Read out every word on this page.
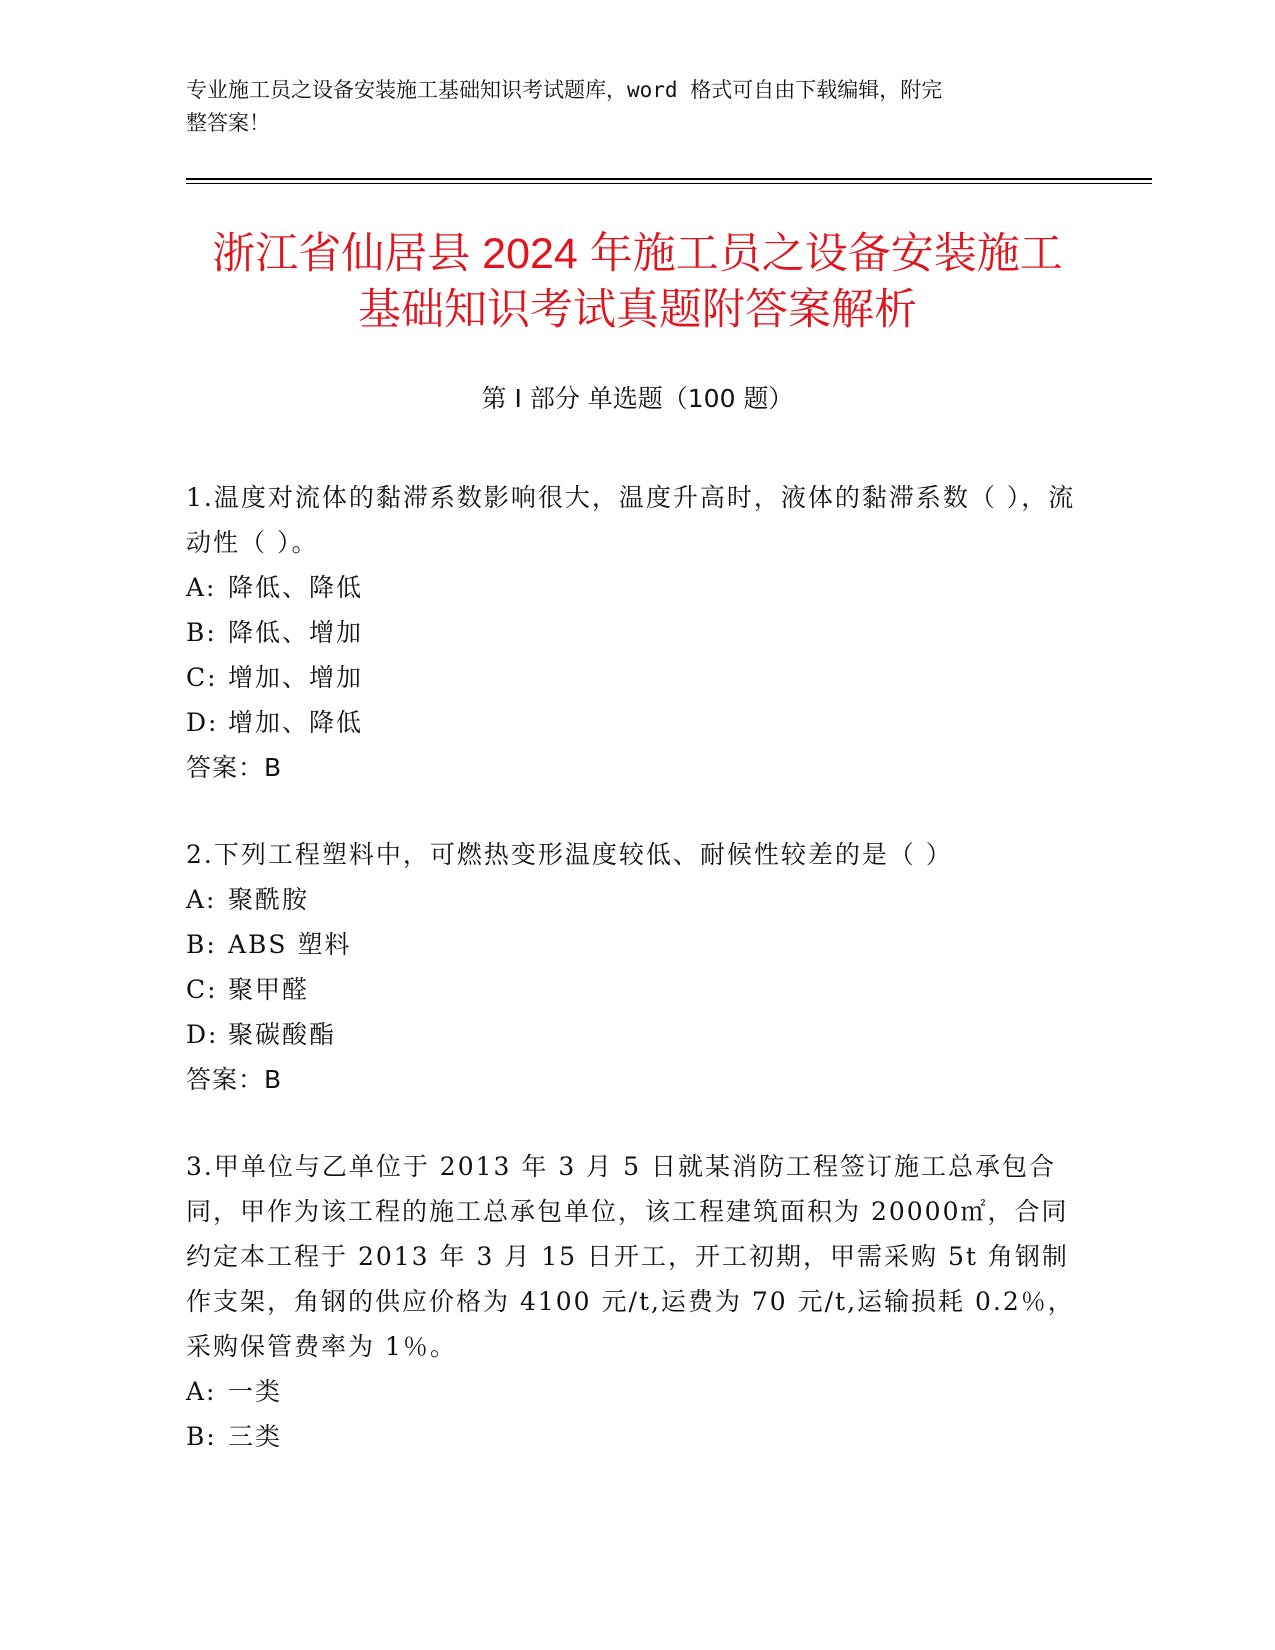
专业施工员之设备安装施工基础知识考试题库，word 格式可自由下载编辑，附完
整答案！
浙江省仙居县 2024 年施工员之设备安装施工
基础知识考试真题附答案解析
第 I 部分 单选题（100 题）

1.温度对流体的黏滞系数影响很大，温度升高时，液体的黏滞系数（ ），流动性（ ）。

A: 降低、降低

B: 降低、增加

C: 增加、增加

D: 增加、降低

答案：B

2.下列工程塑料中，可燃热变形温度较低、耐候性较差的是（ ）

A: 聚酰胺

B: ABS 塑料

C: 聚甲醛

D: 聚碳酸酯

答案：B

3.甲单位与乙单位于 2013 年 3 月 5 日就某消防工程签订施工总承包合同，甲作为该工程的施工总承包单位，该工程建筑面积为 20000㎡，合同约定本工程于 2013 年 3 月 15 日开工，开工初期，甲需采购 5t 角钢制作支架，角钢的供应价格为 4100 元/t,运费为 70 元/t,运输损耗 0.2％，采购保管费率为 1％。

A: 一类

B: 三类
